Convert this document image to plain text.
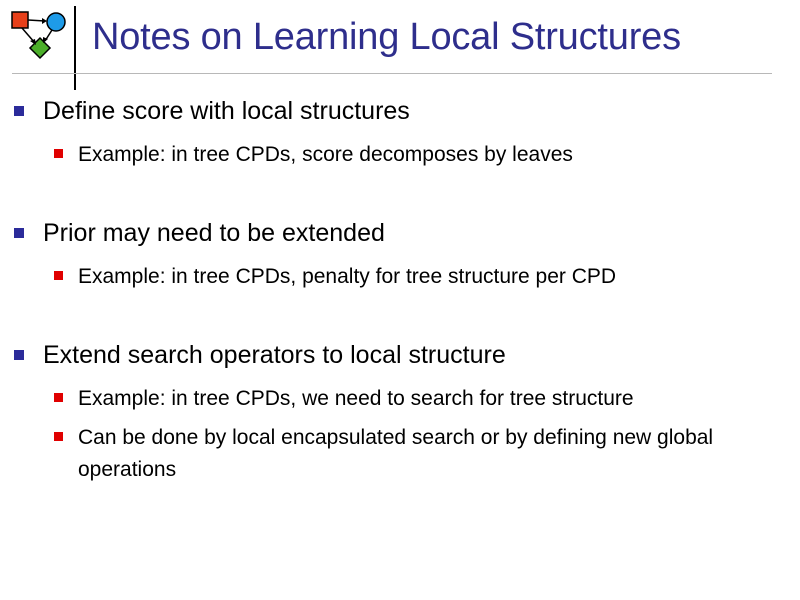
Notes on Learning Local Structures
Define score with local structures
Example: in tree CPDs, score decomposes by leaves
Prior may need to be extended
Example: in tree CPDs, penalty for tree structure per CPD
Extend search operators to local structure
Example: in tree CPDs, we need to search for tree structure
Can be done by local encapsulated search or by defining new global operations
